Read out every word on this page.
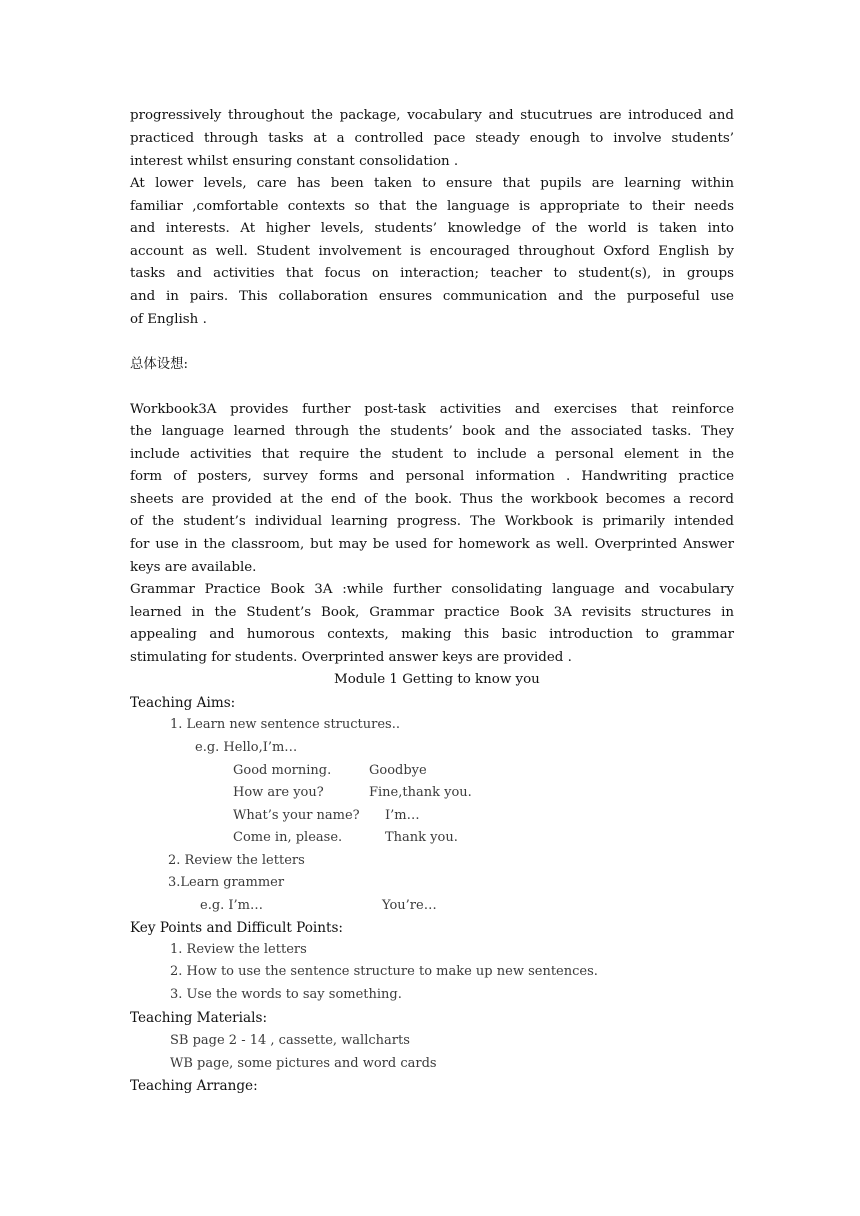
progressively throughout the package, vocabulary and stucutrues are introduced and
practiced through tasks at a controlled pace steady enough to involve students’
interest whilst ensuring constant consolidation .
At lower levels, care has been taken to ensure that pupils are learning within
familiar ,comfortable contexts so that the language is appropriate to their needs
and interests. At higher levels, students’ knowledge of the world is taken into
account as well. Student involvement is encouraged throughout Oxford English by
tasks and activities that focus on interaction; teacher to student(s), in groups
and in pairs. This collaboration ensures communication and the purposeful use
of English .
总体设想:
Workbook3A provides further post-task activities and exercises that reinforce
the language learned through the students’ book and the associated tasks. They
include activities that require the student to include a personal element in the
form of posters, survey forms and personal information . Handwriting practice
sheets are provided at the end of the book. Thus the workbook becomes a record
of the student’s individual learning progress. The Workbook is primarily intended
for use in the classroom, but may be used for homework as well. Overprinted Answer
keys are available.
Grammar Practice Book 3A :while further consolidating language and vocabulary
learned in the Student’s Book, Grammar practice Book 3A revisits structures in
appealing and humorous contexts, making this basic introduction to grammar
stimulating for students. Overprinted answer keys are provided .
Module 1 Getting to know you
Teaching Aims:
1. Learn new sentence structures..
e.g. Hello,I’m…
Good morning.	Goodbye
How are you?	Fine,thank you.
What’s your name? I’m…
Come in, please.	Thank you.
2. Review the letters
3.Learn grammer
e.g. I’m…	You’re…
Key Points and Difficult Points:
1. Review the letters
2. How to use the sentence structure to make up new sentences.
3. Use the words to say something.
Teaching Materials:
SB page 2 - 14 , cassette, wallcharts
WB page, some pictures and word cards
Teaching Arrange:
